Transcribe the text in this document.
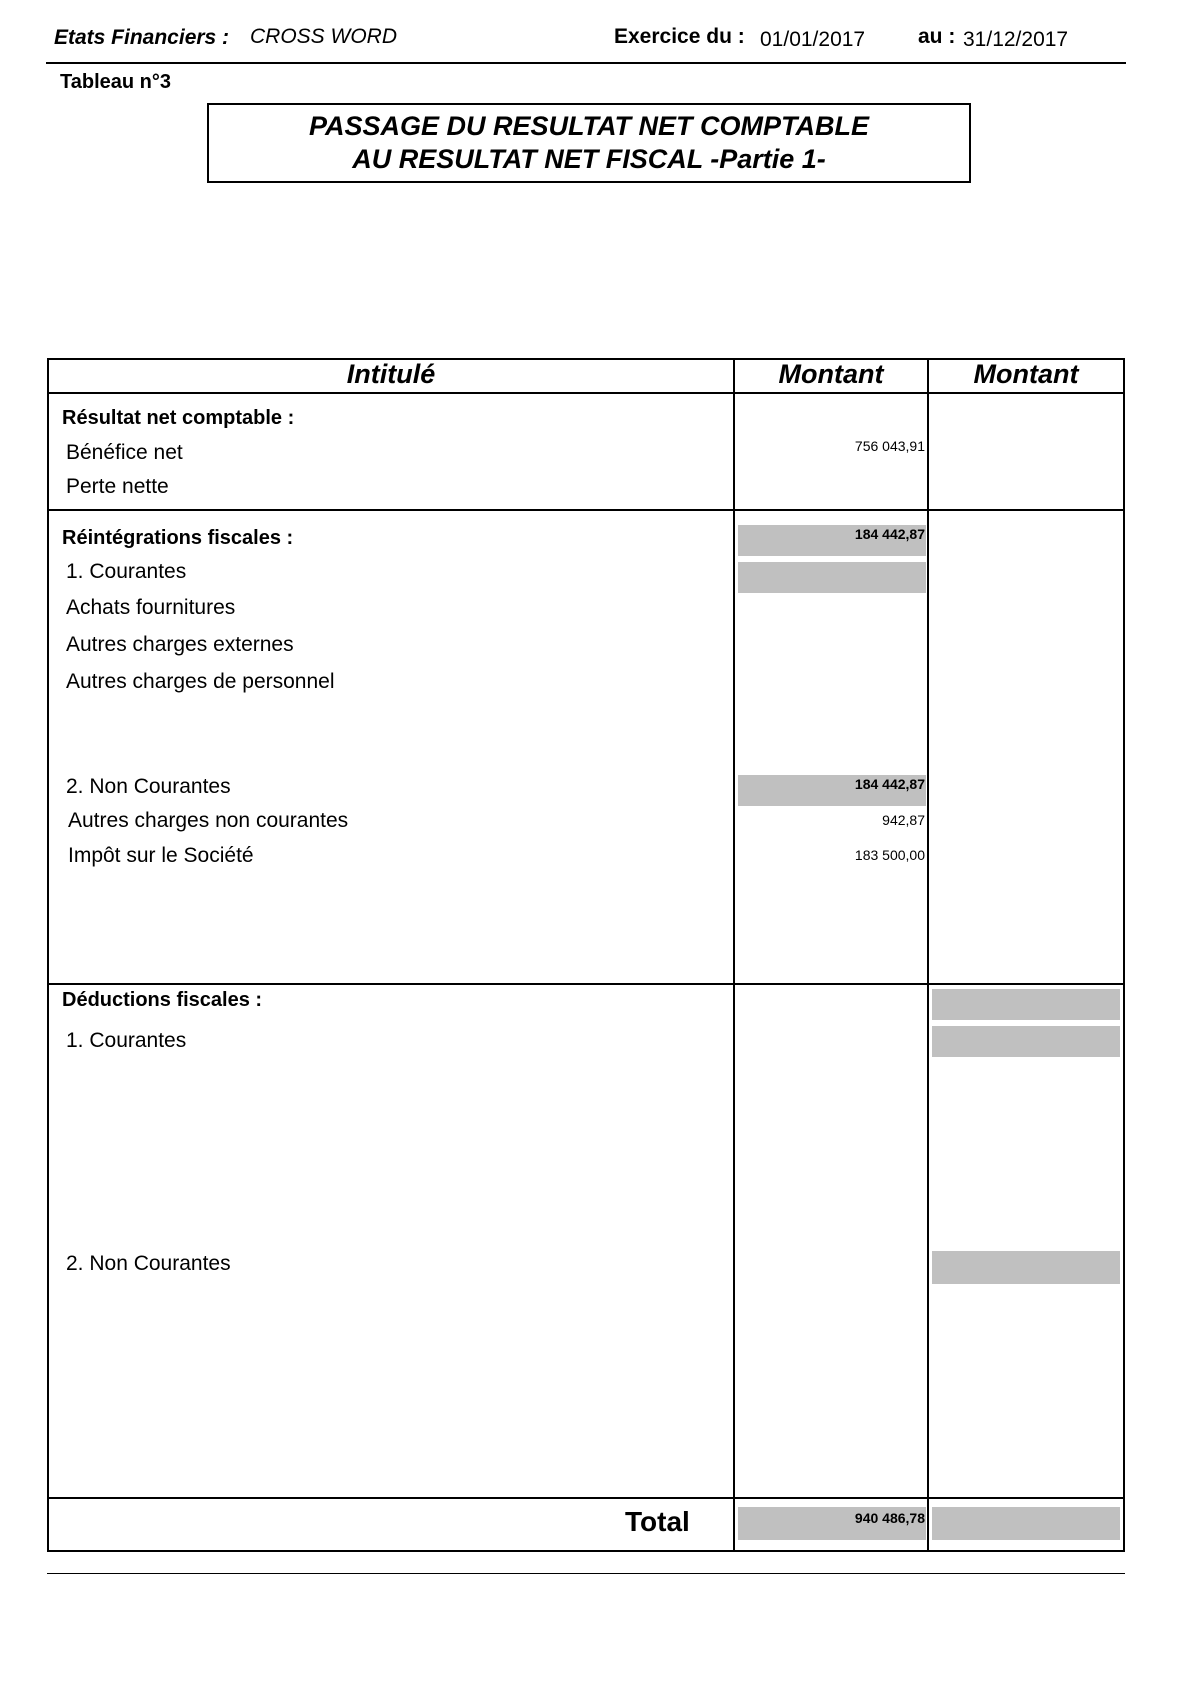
Etats Financiers : CROSS WORD	Exercice du : 01/01/2017	au : 31/12/2017
Tableau n°3
PASSAGE DU RESULTAT NET COMPTABLE
AU RESULTAT NET FISCAL -Partie 1-
Intitulé	Montant	Montant
Résultat net comptable :
Bénéfice net	756 043,91
Perte nette
Réintégrations fiscales :	184 442,87
1. Courantes
Achats fournitures
Autres charges externes
Autres charges de personnel
2. Non Courantes	184 442,87
Autres charges non courantes	942,87
Impôt sur le Société	183 500,00
Déductions fiscales :
1. Courantes
2. Non Courantes
Total	940 486,78
